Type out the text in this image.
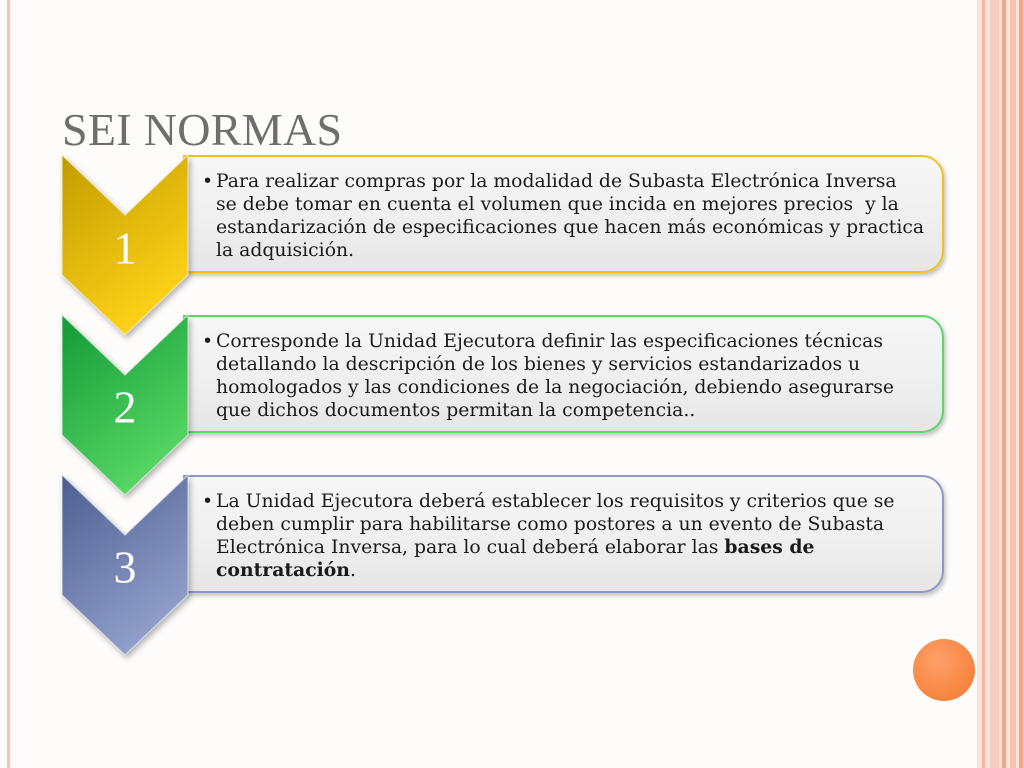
SEI NORMAS
• Para realizar compras por la modalidad de Subasta Electrónica Inversa
se debe tomar en cuenta el volumen que incida en mejores precios  y la
estandarización de especificaciones que hacen más económicas y practica
la adquisición.
1
• Corresponde la Unidad Ejecutora definir las especificaciones técnicas
detallando la descripción de los bienes y servicios estandarizados u
homologados y las condiciones de la negociación, debiendo asegurarse
que dichos documentos permitan la competencia..
2
• La Unidad Ejecutora deberá establecer los requisitos y criterios que se
deben cumplir para habilitarse como postores a un evento de Subasta
Electrónica Inversa, para lo cual deberá elaborar las bases de
contratación.
3
